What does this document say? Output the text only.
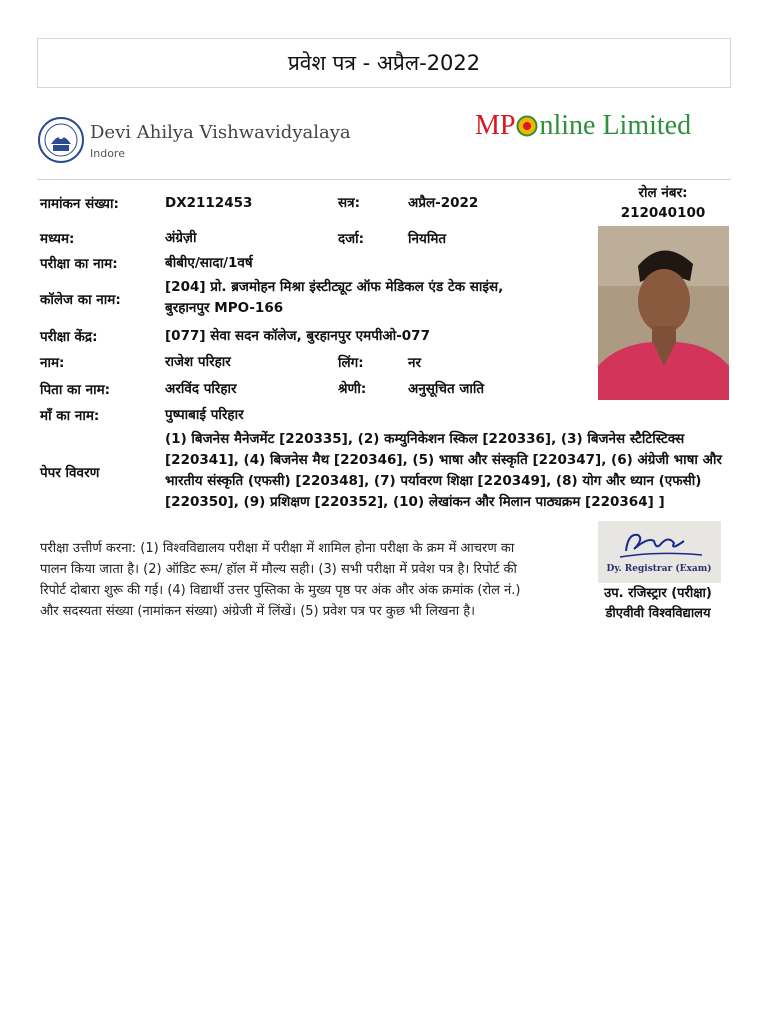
प्रवेश पत्र - अप्रैल-2022
Devi Ahilya Vishwavidyalaya
Indore
MP nline Limited
नामांकन संख्या:	DX2112453	सत्र:	अप्रैल-2022
मध्यम:	अंग्रेज़ी	दर्जा:	नियमित
परीक्षा का नाम:	बीबीए/सादा/1वर्ष
कॉलेज का नाम:
[204] प्रो. ब्रजमोहन मिश्रा इंस्टीट्यूट ऑफ मेडिकल एंड टेक साइंस,
बुरहानपुर MPO-166
परीक्षा केंद्र:	[077] सेवा सदन कॉलेज, बुरहानपुर एमपीओ-077
नाम:	राजेश परिहार	लिंग:	नर
पिता का नाम:	अरविंद परिहार	श्रेणी:	अनुसूचित जाति
माँ का नाम:	पुष्पाबाई परिहार
पेपर विवरण
(1) बिजनेस मैनेजमेंट [220335], (2) कम्युनिकेशन स्किल [220336], (3) बिजनेस स्टैटिस्टिक्स
[220341], (4) बिजनेस मैथ [220346], (5) भाषा और संस्कृति [220347], (6) अंग्रेजी भाषा और
भारतीय संस्कृति (एफसी) [220348], (7) पर्यावरण शिक्षा [220349], (8) योग और ध्यान (एफसी)
[220350], (9) प्रशिक्षण [220352], (10) लेखांकन और मिलान पाठ्यक्रम [220364] ]
रोल नंबर:
212040100
परीक्षा उत्तीर्ण करना: (1) विश्वविद्यालय परीक्षा में परीक्षा में शामिल होना परीक्षा के क्रम में आचरण का
पालन किया जाता है। (2) ऑडिट रूम/ हॉल में मौल्य सही। (3) सभी परीक्षा में प्रवेश पत्र है। रिपोर्ट की
रिपोर्ट दोबारा शुरू की गई। (4) विद्यार्थी उत्तर पुस्तिका के मुख्य पृष्ठ पर अंक और अंक क्रमांक (रोल नं.)
और सदस्यता संख्या (नामांकन संख्या) अंग्रेजी में लिंखें। (5) प्रवेश पत्र पर कुछ भी लिखना है।
Dy. Registrar (Exam)
उप. रजिस्ट्रार (परीक्षा)
डीएवीवी विश्वविद्यालय
